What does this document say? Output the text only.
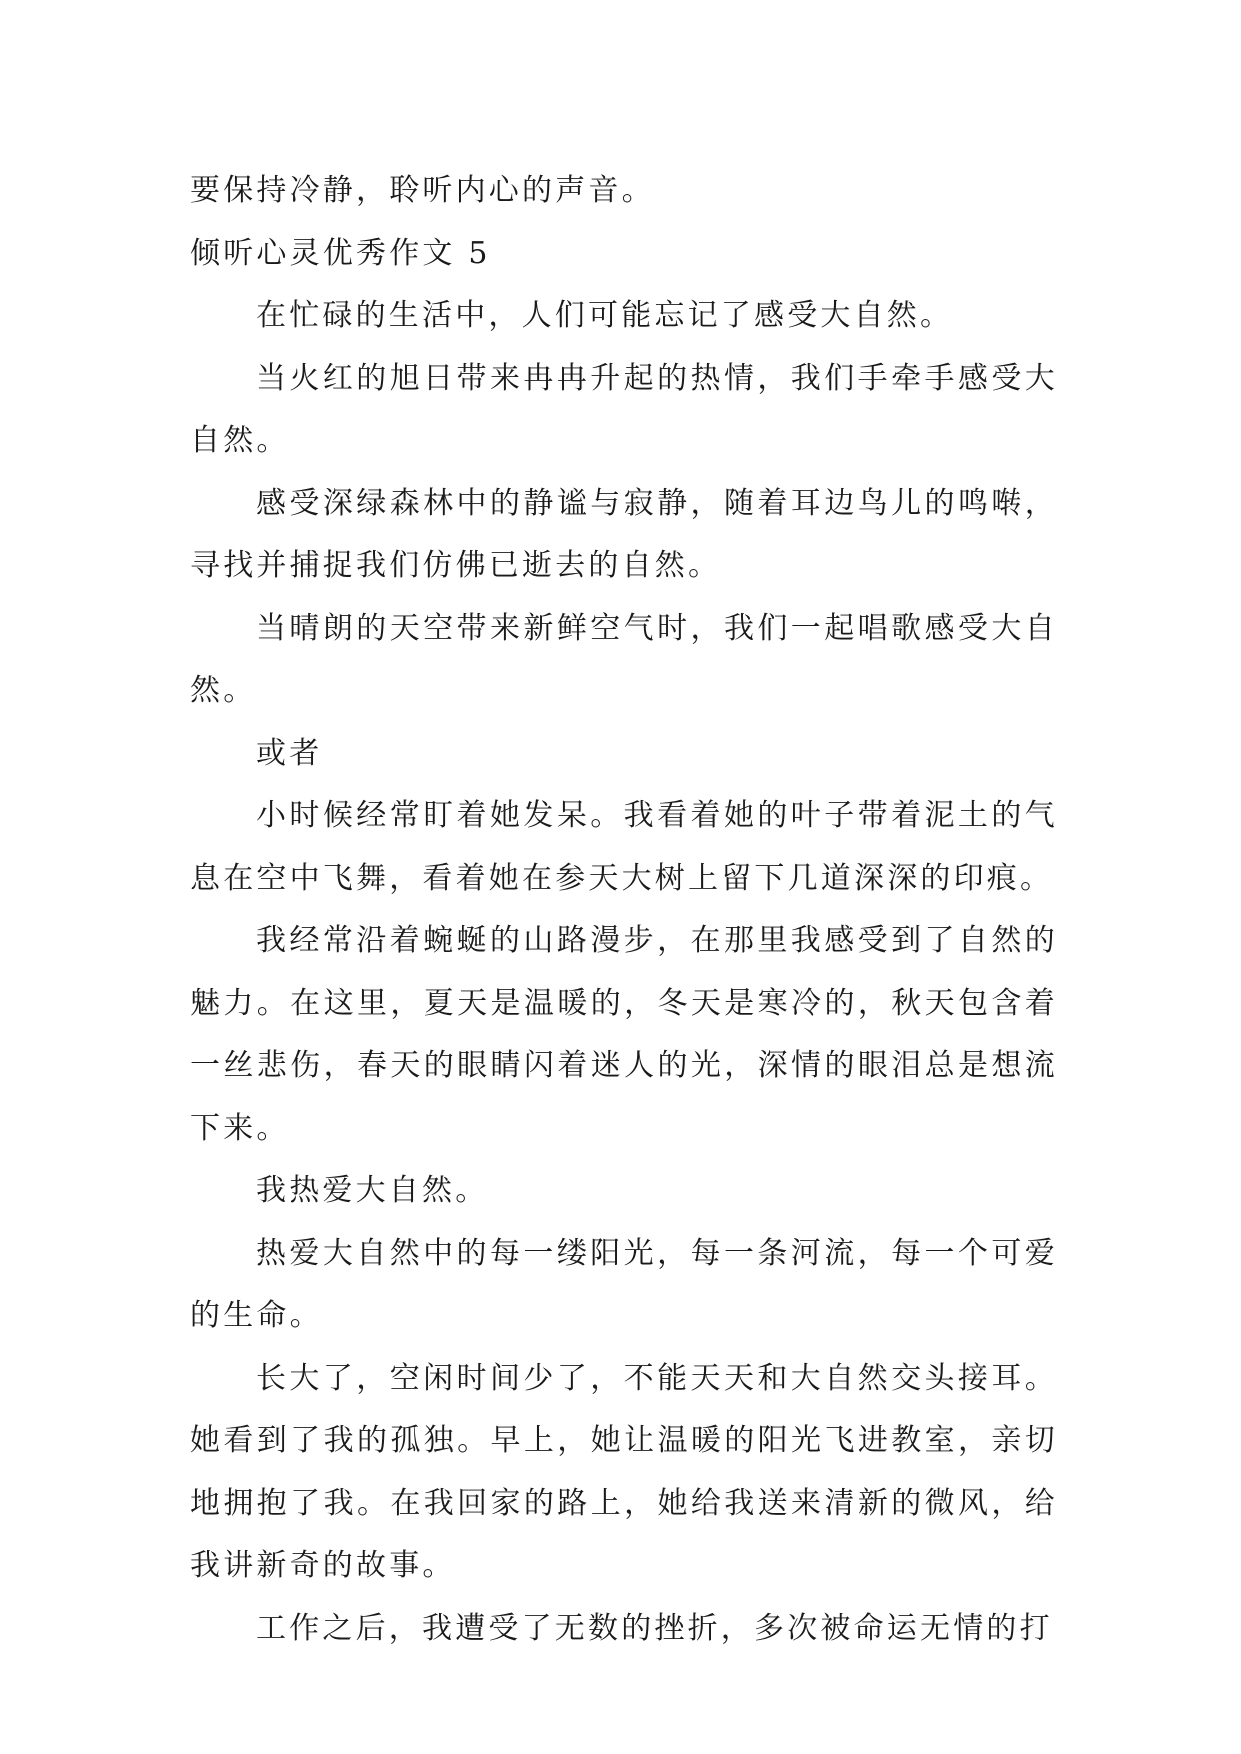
要保持冷静，聆听内心的声音。

倾听心灵优秀作文 5

在忙碌的生活中，人们可能忘记了感受大自然。

当火红的旭日带来冉冉升起的热情，我们手牵手感受大自然。

感受深绿森林中的静谧与寂静，随着耳边鸟儿的鸣啭，寻找并捕捉我们仿佛已逝去的自然。

当晴朗的天空带来新鲜空气时，我们一起唱歌感受大自然。

或者

小时候经常盯着她发呆。我看着她的叶子带着泥土的气息在空中飞舞，看着她在参天大树上留下几道深深的印痕。

我经常沿着蜿蜒的山路漫步，在那里我感受到了自然的魅力。在这里，夏天是温暖的，冬天是寒冷的，秋天包含着一丝悲伤，春天的眼睛闪着迷人的光，深情的眼泪总是想流下来。

我热爱大自然。

热爱大自然中的每一缕阳光，每一条河流，每一个可爱的生命。

长大了，空闲时间少了，不能天天和大自然交头接耳。她看到了我的孤独。早上，她让温暖的阳光飞进教室，亲切地拥抱了我。在我回家的路上，她给我送来清新的微风，给我讲新奇的故事。

工作之后，我遭受了无数的挫折，多次被命运无情的打
